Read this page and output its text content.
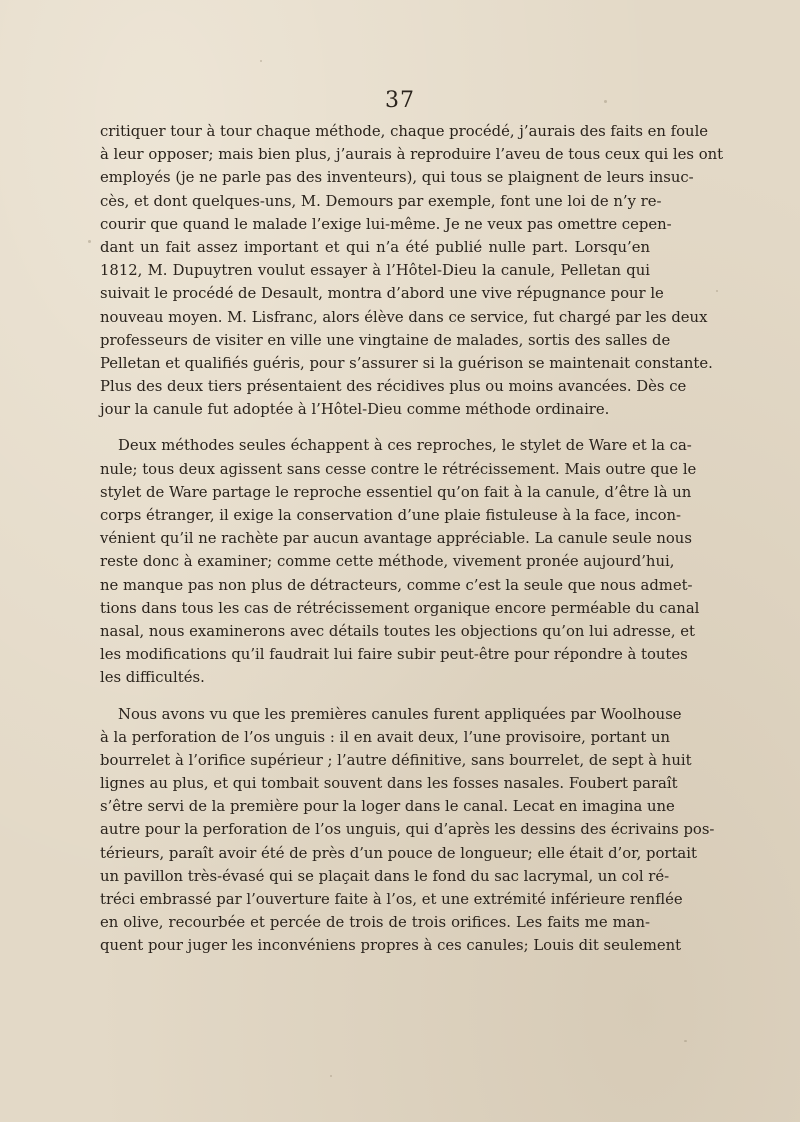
37
critiquer tour à tour chaque méthode, chaque procédé, j’aurais des faits en foule
à leur opposer; mais bien plus, j’aurais à reproduire l’aveu de tous ceux qui les ont
employés (je ne parle pas des inventeurs), qui tous se plaignent de leurs insuc-
cès, et dont quelques-uns, M. Demours par exemple, font une loi de n’y re-
courir que quand le malade l’exige lui-même. Je ne veux pas omettre cepen-
dant un fait assez important et qui n’a été publié nulle part. Lorsqu’en
1812, M. Dupuytren voulut essayer à l’Hôtel-Dieu la canule, Pelletan qui
suivait le procédé de Desault, montra d’abord une vive répugnance pour le
nouveau moyen. M. Lisfranc, alors élève dans ce service, fut chargé par les deux
professeurs de visiter en ville une vingtaine de malades, sortis des salles de
Pelletan et qualifiés guéris, pour s’assurer si la guérison se maintenait constante.
Plus des deux tiers présentaient des récidives plus ou moins avancées. Dès ce
jour la canule fut adoptée à l’Hôtel-Dieu comme méthode ordinaire.
Deux méthodes seules échappent à ces reproches, le stylet de Ware et la ca-
nule; tous deux agissent sans cesse contre le rétrécissement. Mais outre que le
stylet de Ware partage le reproche essentiel qu’on fait à la canule, d’être là un
corps étranger, il exige la conservation d’une plaie fistuleuse à la face, incon-
vénient qu’il ne rachète par aucun avantage appréciable. La canule seule nous
reste donc à examiner; comme cette méthode, vivement pronée aujourd’hui,
ne manque pas non plus de détracteurs, comme c’est la seule que nous admet-
tions dans tous les cas de rétrécissement organique encore perméable du canal
nasal, nous examinerons avec détails toutes les objections qu’on lui adresse, et
les modifications qu’il faudrait lui faire subir peut-être pour répondre à toutes
les difficultés.
Nous avons vu que les premières canules furent appliquées par Woolhouse
à la perforation de l’os unguis : il en avait deux, l’une provisoire, portant un
bourrelet à l’orifice supérieur ; l’autre définitive, sans bourrelet, de sept à huit
lignes au plus, et qui tombait souvent dans les fosses nasales. Foubert paraît
s’être servi de la première pour la loger dans le canal. Lecat en imagina une
autre pour la perforation de l’os unguis, qui d’après les dessins des écrivains pos-
térieurs, paraît avoir été de près d’un pouce de longueur; elle était d’or, portait
un pavillon très-évasé qui se plaçait dans le fond du sac lacrymal, un col ré-
tréci embrassé par l’ouverture faite à l’os, et une extrémité inférieure renflée
en olive, recourbée et percée de trois de trois orifices. Les faits me man-
quent pour juger les inconvéniens propres à ces canules; Louis dit seulement
